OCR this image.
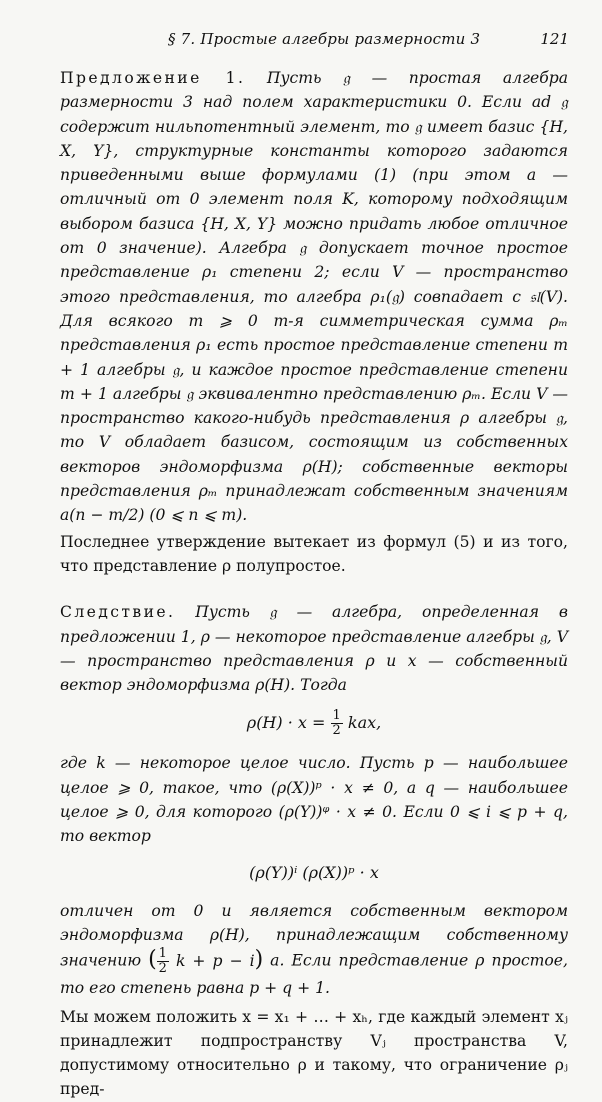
§ 7. Простые алгебры размерности 3	121

Предложение 1. Пусть 𝔤 — простая алгебра размерности 3 над полем характеристики 0. Если ad 𝔤 содержит нильпотентный элемент, то 𝔤 имеет базис {H, X, Y}, структурные константы которого задаются приведенными выше формулами (1) (при этом a — отличный от 0 элемент поля K, которому подходящим выбором базиса {H, X, Y} можно придать любое отличное от 0 значение). Алгебра 𝔤 допускает точное простое представление ρ₁ степени 2; если V — пространство этого представления, то алгебра ρ₁(𝔤) совпадает с 𝔰𝔩(V). Для всякого m ⩾ 0 m-я симметрическая сумма ρₘ представления ρ₁ есть простое представление степени m + 1 алгебры 𝔤, и каждое простое представление степени m + 1 алгебры 𝔤 эквивалентно представлению ρₘ. Если V — пространство какого-нибудь представления ρ алгебры 𝔤, то V обладает базисом, состоящим из собственных векторов эндоморфизма ρ(H); собственные векторы представления ρₘ принадлежат собственным значениям a(n − m/2) (0 ⩽ n ⩽ m).

Последнее утверждение вытекает из формул (5) и из того, что представление ρ полупростое.

Следствие. Пусть 𝔤 — алгебра, определенная в предложении 1, ρ — некоторое представление алгебры 𝔤, V — пространство представления ρ и x — собственный вектор эндоморфизма ρ(H). Тогда

$\rho(H) \cdot x = \frac{1}{2}$ kax,

где k — некоторое целое число. Пусть p — наибольшее целое ⩾ 0, такое, что (ρ(X))ᵖ · x ≠ 0, а q — наибольшее целое ⩾ 0, для которого (ρ(Y))ᵠ · x ≠ 0. Если 0 ⩽ i ⩽ p + q, то вектор

(ρ(Y))ⁱ (ρ(X))ᵖ · x

отличен от 0 и является собственным вектором эндоморфизма ρ(H), принадлежащим собственному значению ( $\frac{1}{2}$ k + p − i) a. Если представление ρ простое, то его степень равна p + q + 1.

Мы можем положить x = x₁ + … + xₕ, где каждый элемент xⱼ принадлежит подпространству Vⱼ пространства V, допустимому относительно ρ и такому, что ограничение ρⱼ пред-
